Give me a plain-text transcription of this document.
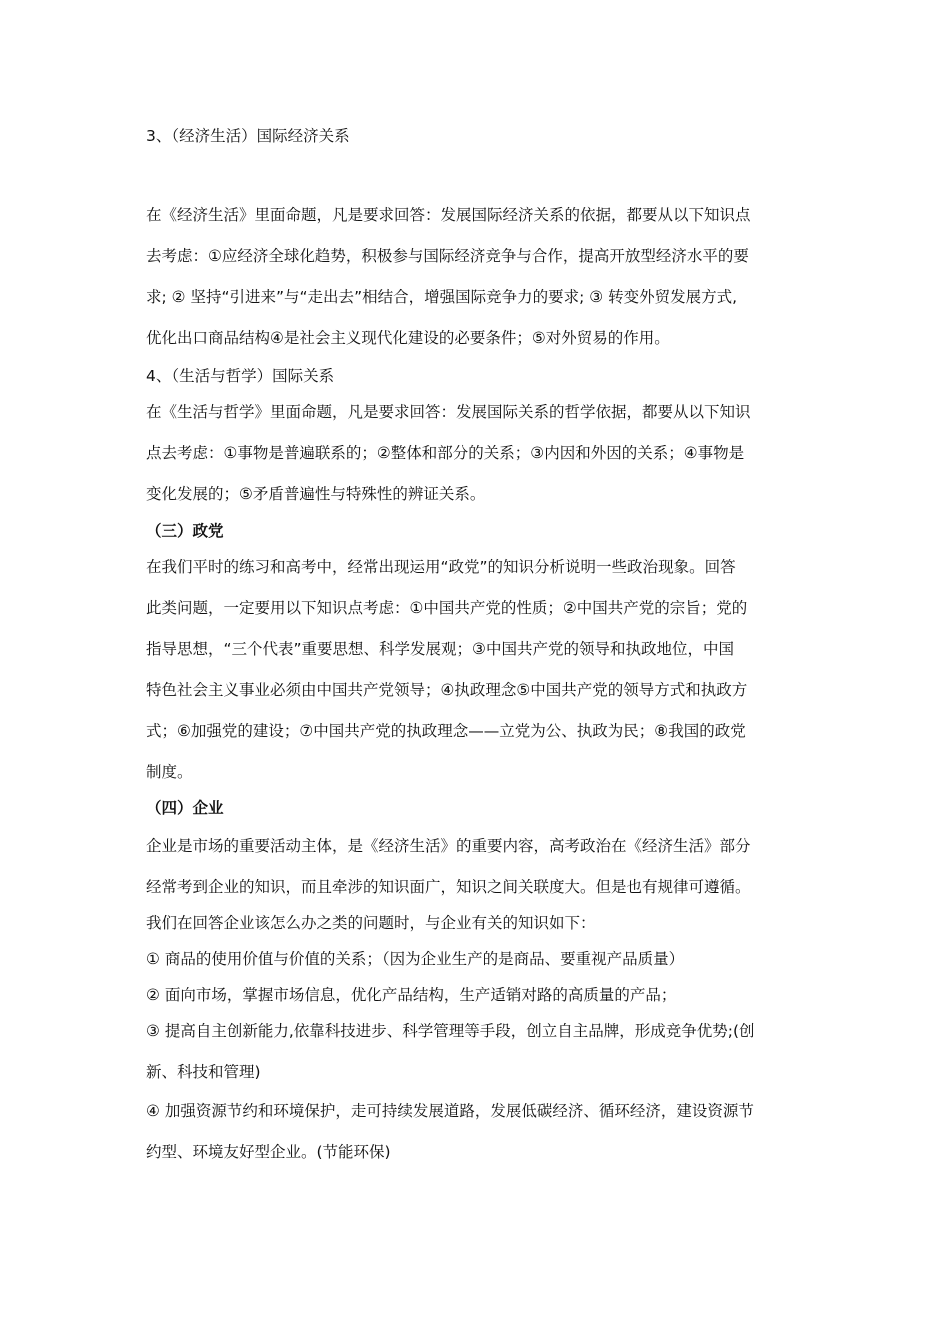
3、（经济生活）国际经济关系
在《经济生活》里面命题，凡是要求回答：发展国际经济关系的依据，都要从以下知识点
去考虑：①应经济全球化趋势，积极参与国际经济竞争与合作，提高开放型经济水平的要
求; ② 坚持“引进来”与“走出去”相结合，增强国际竞争力的要求; ③ 转变外贸发展方式,
优化出口商品结构④是社会主义现代化建设的必要条件；⑤对外贸易的作用。
4、（生活与哲学）国际关系
在《生活与哲学》里面命题，凡是要求回答：发展国际关系的哲学依据，都要从以下知识
点去考虑：①事物是普遍联系的；②整体和部分的关系；③内因和外因的关系；④事物是
变化发展的；⑤矛盾普遍性与特殊性的辨证关系。
（三）政党
在我们平时的练习和高考中，经常出现运用“政党”的知识分析说明一些政治现象。回答
此类问题，一定要用以下知识点考虑：①中国共产党的性质；②中国共产党的宗旨；党的
指导思想，“三个代表”重要思想、科学发展观；③中国共产党的领导和执政地位，中国
特色社会主义事业必须由中国共产党领导；④执政理念⑤中国共产党的领导方式和执政方
式；⑥加强党的建设；⑦中国共产党的执政理念——立党为公、执政为民；⑧我国的政党
制度。
（四）企业
企业是市场的重要活动主体，是《经济生活》的重要内容，高考政治在《经济生活》部分
经常考到企业的知识，而且牵涉的知识面广，知识之间关联度大。但是也有规律可遵循。
我们在回答企业该怎么办之类的问题时，与企业有关的知识如下：
① 商品的使用价值与价值的关系；（因为企业生产的是商品、要重视产品质量）
② 面向市场，掌握市场信息，优化产品结构，生产适销对路的高质量的产品；
③ 提高自主创新能力,依靠科技进步、科学管理等手段，创立自主品牌，形成竞争优势;(创
新、科技和管理)
④ 加强资源节约和环境保护，走可持续发展道路，发展低碳经济、循环经济，建设资源节
约型、环境友好型企业。(节能环保)
